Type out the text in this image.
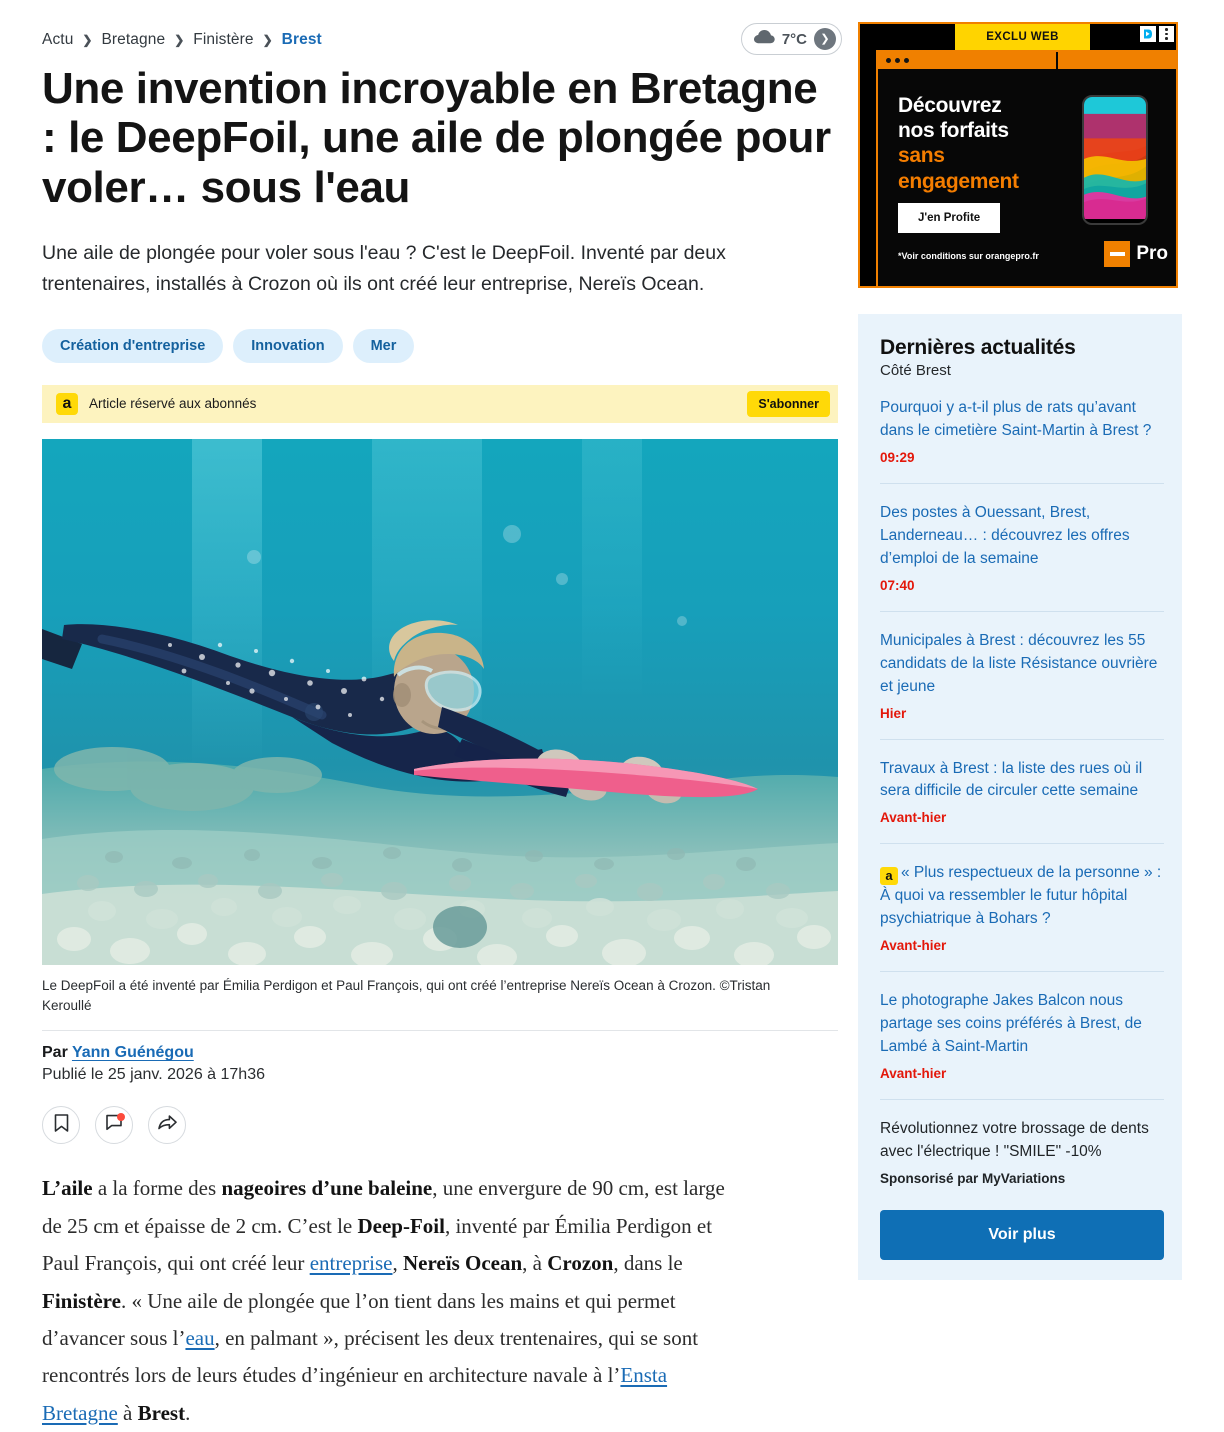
Actu ❯ Bretagne ❯ Finistère ❯ Brest	7°C	❯
Une invention incroyable en Bretagne : le DeepFoil, une aile de plongée pour voler… sous l'eau

Une aile de plongée pour voler sous l'eau ? C'est le DeepFoil. Inventé par deux trentenaires, installés à Crozon où ils ont créé leur entreprise, Nereïs Ocean.

Création d'entreprise	Innovation	Mer
a	Article réservé aux abonnés	S'abonner
Le DeepFoil a été inventé par Émilia Perdigon et Paul François, qui ont créé l’entreprise Nereïs Ocean à Crozon. ©Tristan Keroullé
Par Yann Guénégou
Publié le 25 janv. 2026 à 17h36

L’aile a la forme des nageoires d’une baleine, une envergure de 90 cm, est large de 25 cm et épaisse de 2 cm. C’est le Deep-Foil, inventé par Émilia Perdigon et Paul François, qui ont créé leur entreprise, Nereïs Ocean, à Crozon, dans le Finistère. « Une aile de plongée que l’on tient dans les mains et qui permet d’avancer sous l’eau, en palmant », précisent les deux trentenaires, qui se sont rencontrés lors de leurs études d’ingénieur en architecture navale à l’Ensta Bretagne à Brest.

EXCLU WEB
Découvrez
nos forfaits
sans
engagement
J'en Profite
*Voir conditions sur orangepro.fr	Pro
Dernières actualités
Côté Brest
Pourquoi y a-t-il plus de rats qu’avant dans le cimetière Saint-Martin à Brest ?
09:29
Des postes à Ouessant, Brest, Landerneau… : découvrez les offres d’emploi de la semaine
07:40
Municipales à Brest : découvrez les 55 candidats de la liste Résistance ouvrière et jeune
Hier
Travaux à Brest : la liste des rues où il sera difficile de circuler cette semaine
Avant-hier
a « Plus respectueux de la personne » : À quoi va ressembler le futur hôpital psychiatrique à Bohars ?
Avant-hier
Le photographe Jakes Balcon nous partage ses coins préférés à Brest, de Lambé à Saint-Martin
Avant-hier
Révolutionnez votre brossage de dents avec l'électrique ! "SMILE" -10%
Sponsorisé par MyVariations
Voir plus
